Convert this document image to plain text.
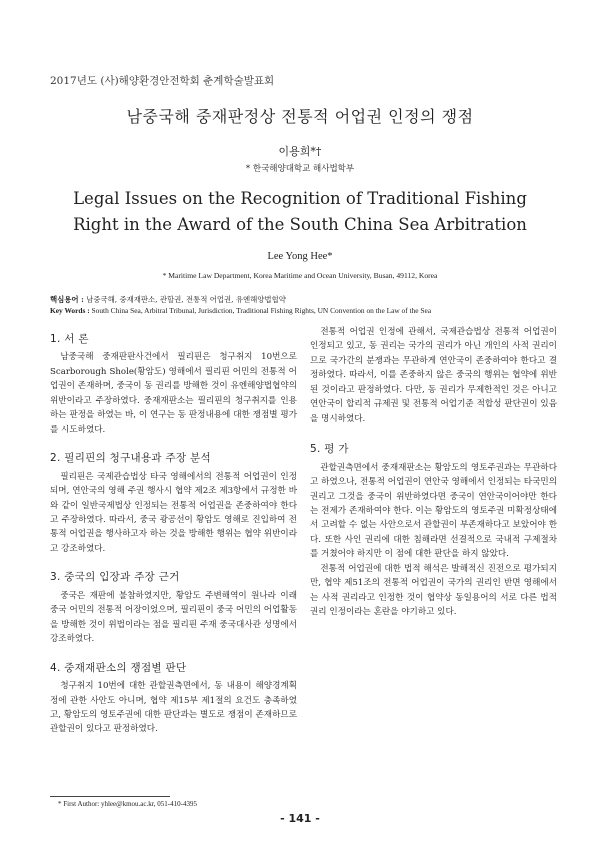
2017년도 (사)해양환경안전학회 춘계학술발표회
남중국해 중재판정상 전통적 어업권 인정의 쟁점
이용희*†
* 한국해양대학교 해사법학부
Legal Issues on the Recognition of Traditional Fishing Right in the Award of the South China Sea Arbitration
Lee Yong Hee*
* Maritime Law Department, Korea Maritime and Ocean University, Busan, 49112, Korea
핵심용어 : 남중국해, 중재재판소, 관할권, 전통적 어업권, 유엔해양법협약
Key Words : South China Sea, Arbitral Tribunal, Jurisdiction, Traditional Fishing Rights, UN Convention on the Law of the Sea
1. 서 론

남중국해 중재판판사건에서 필리핀은 청구취지 10번으로 Scarborough Shole(황암도) 영해에서 필리핀 어민의 전통적 어업권이 존재하며, 중국이 동 권리를 방해한 것이 유엔해양법협약의 위반이라고 주장하였다. 중재재판소는 필리핀의 청구취지를 인용하는 판정을 하였는 바, 이 연구는 동 판정내용에 대한 쟁점별 평가를 시도하였다.

2. 필리핀의 청구내용과 주장 분석

필리핀은 국제관습법상 타국 영해에서의 전통적 어업권이 인정되며, 연안국의 영해 주권 행사시 협약 제2조 제3항에서 규정한 바와 같이 일반국제법상 인정되는 전통적 어업권을 존중하여야 한다고 주장하였다. 따라서, 중국 광공선이 황암도 영해로 진입하여 전통적 어업권을 행사하고자 하는 것을 방해한 행위는 협약 위반이라고 강조하였다.

3. 중국의 입장과 주장 근거

중국은 재판에 불참하였지만, 황암도 주변해역이 원나라 이래 중국 어민의 전통적 어장이었으며, 필리핀이 중국 어민의 어업활동을 방해한 것이 위법이라는 점을 필리핀 주재 중국대사관 성명에서 강조하였다.

4. 중재재판소의 쟁점별 판단

청구취지 10번에 대한 관할권측면에서, 동 내용이 해양경계획정에 관한 사안도 아니며, 협약 제15부 제1절의 요건도 충족하였고, 황암도의 영토주권에 대한 판단과는 별도로 쟁점이 존재하므로 관할권이 있다고 판정하였다.

전통적 어업권 인정에 관해서, 국제관습법상 전통적 어업권이 인정되고 있고, 동 권리는 국가의 권리가 아닌 개인의 사적 권리이므로 국가간의 분쟁과는 무관하게 연안국이 존중하여야 한다고 결정하였다. 따라서, 이를 존중하지 않은 중국의 행위는 협약에 위반된 것이라고 판정하였다. 다만, 동 권리가 무제한적인 것은 아니고 연안국이 합리적 규제권 및 전통적 어업기준 적합성 판단권이 있음을 명시하였다.

5. 평 가

관할권측면에서 중재재판소는 황암도의 영토주권과는 무관하다고 하였으나, 전통적 어업권이 연안국 영해에서 인정되는 타국민의 권리고 그것을 중국이 위반하였다면 중국이 연안국이어야만 한다는 전제가 존재하여야 한다. 이는 황암도의 영토주권 미확정상태에서 고려할 수 없는 사안으로서 관할권이 부존재하다고 보았어야 한다. 또한 사인 권리에 대한 침해라면 선결적으로 국내적 구제절차를 거쳤어야 하지만 이 점에 대한 판단을 하지 않았다.

전통적 어업권에 대한 법적 해석은 발해적신 진전으로 평가되지만, 협약 제51조의 전통적 어업권이 국가의 권리인 반면 영해에서는 사적 권리라고 인정한 것이 협약상 동일용어의 서로 다른 법적 권리 인정이라는 혼란을 야기하고 있다.

* First Author: yhlee@kmou.ac.kr, 051-410-4395
- 141 -
